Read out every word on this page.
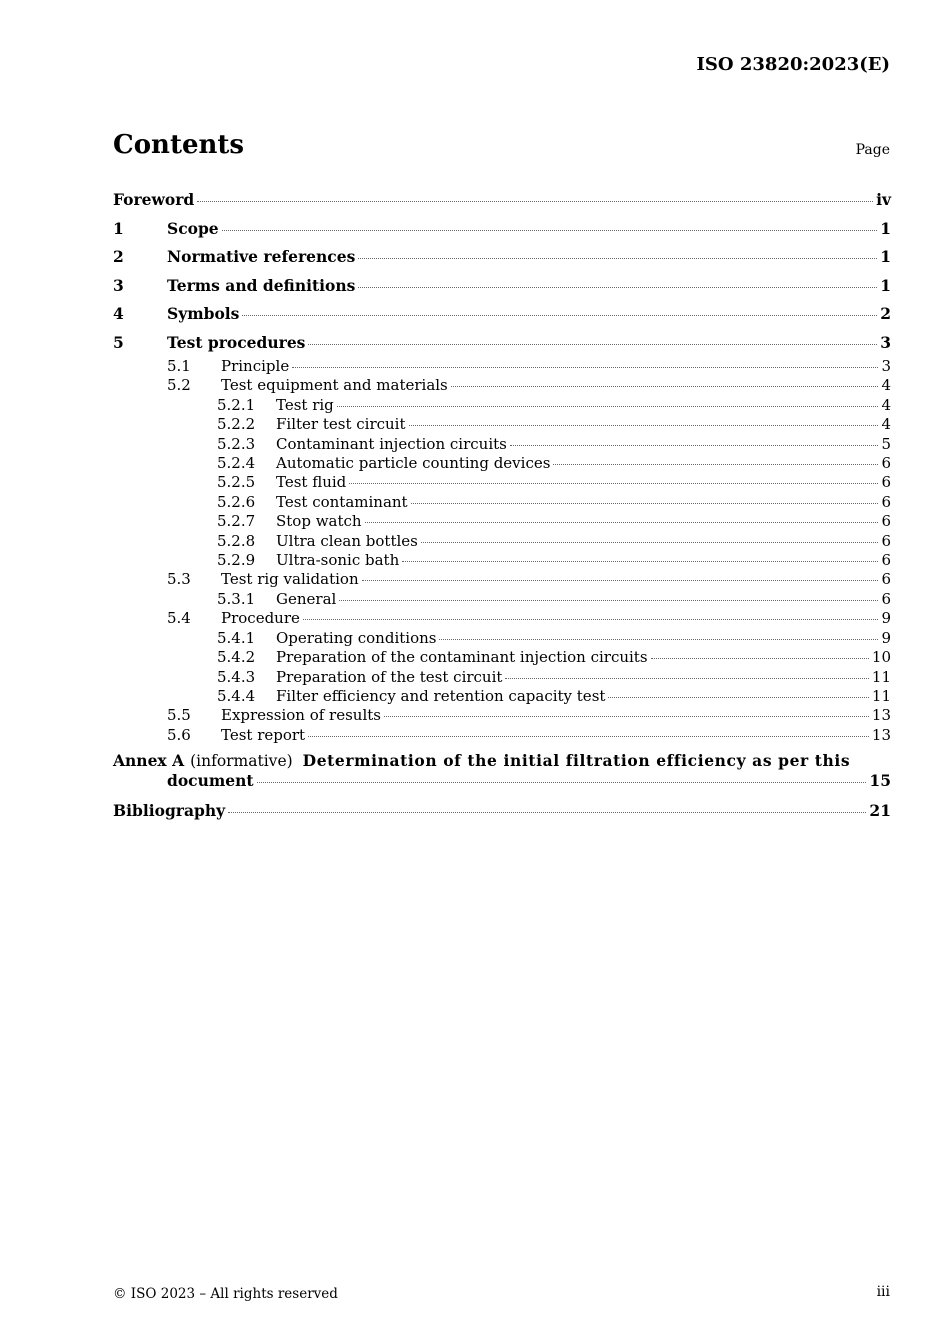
ISO 23820:2023(E)
Contents	Page
Foreword	iv
1	Scope	1
2	Normative references	1
3	Terms and definitions	1
4	Symbols	2
5	Test procedures	3
5.1	Principle	3
5.2	Test equipment and materials	4
5.2.1	Test rig	4
5.2.2	Filter test circuit	4
5.2.3	Contaminant injection circuits	5
5.2.4	Automatic particle counting devices	6
5.2.5	Test fluid	6
5.2.6	Test contaminant	6
5.2.7	Stop watch	6
5.2.8	Ultra clean bottles	6
5.2.9	Ultra-sonic bath	6
5.3	Test rig validation	6
5.3.1	General	6
5.4	Procedure	9
5.4.1	Operating conditions	9
5.4.2	Preparation of the contaminant injection circuits	10
5.4.3	Preparation of the test circuit	11
5.4.4	Filter efficiency and retention capacity test	11
5.5	Expression of results	13
5.6	Test report	13
Annex A (informative) Determination of the initial filtration efficiency as per this
document	15
Bibliography	21
© ISO 2023 – All rights reserved	iii
